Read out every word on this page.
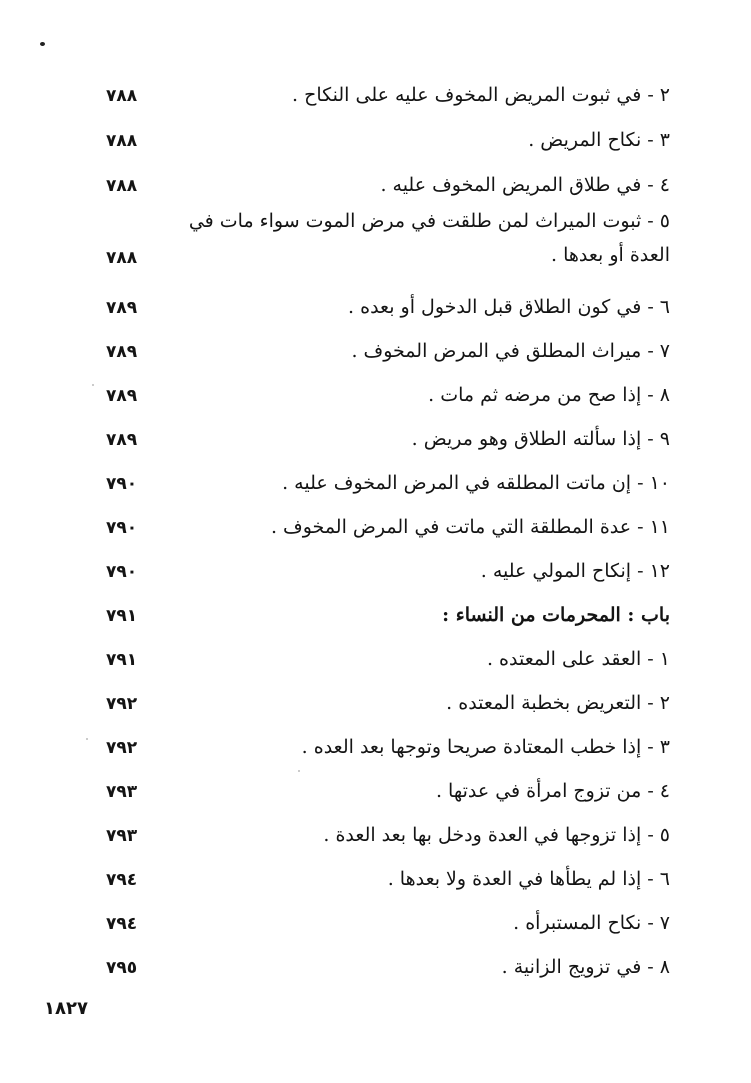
٢ - في ثبوت المريض المخوف عليه على النكاح .
٧٨٨
٣ - نكاح المريض .
٧٨٨
٤ - في طلاق المريض المخوف عليه .
٧٨٨
٥ - ثبوت الميراث لمن طلقت في مرض الموت سواء مات في العدة أو بعدها .
٧٨٨
٦ - في كون الطلاق قبل الدخول أو بعده .
٧٨٩
٧ - ميراث المطلق في المرض المخوف .
٧٨٩
٨ - إذا صح من مرضه ثم مات .
٧٨٩
٩ - إذا سألته الطلاق وهو مريض .
٧٨٩
١٠ - إن ماتت المطلقه في المرض المخوف عليه .
٧٩٠
١١ - عدة المطلقة التي ماتت في المرض المخوف .
٧٩٠
١٢ - إنكاح المولي عليه .
٧٩٠
باب : المحرمات من النساء :
٧٩١
١ - العقد على المعتده .
٧٩١
٢ - التعريض بخطبة المعتده .
٧٩٢
٣ - إذا خطب المعتادة صريحا وتوجها بعد العده .
٧٩٢
٤ - من تزوج امرأة في عدتها .
٧٩٣
٥ - إذا تزوجها في العدة ودخل بها بعد العدة .
٧٩٣
٦ - إذا لم يطأها في العدة ولا بعدها .
٧٩٤
٧ - نكاح المستبرأه .
٧٩٤
٨ - في تزويج الزانية .
٧٩٥
١٨٢٧
